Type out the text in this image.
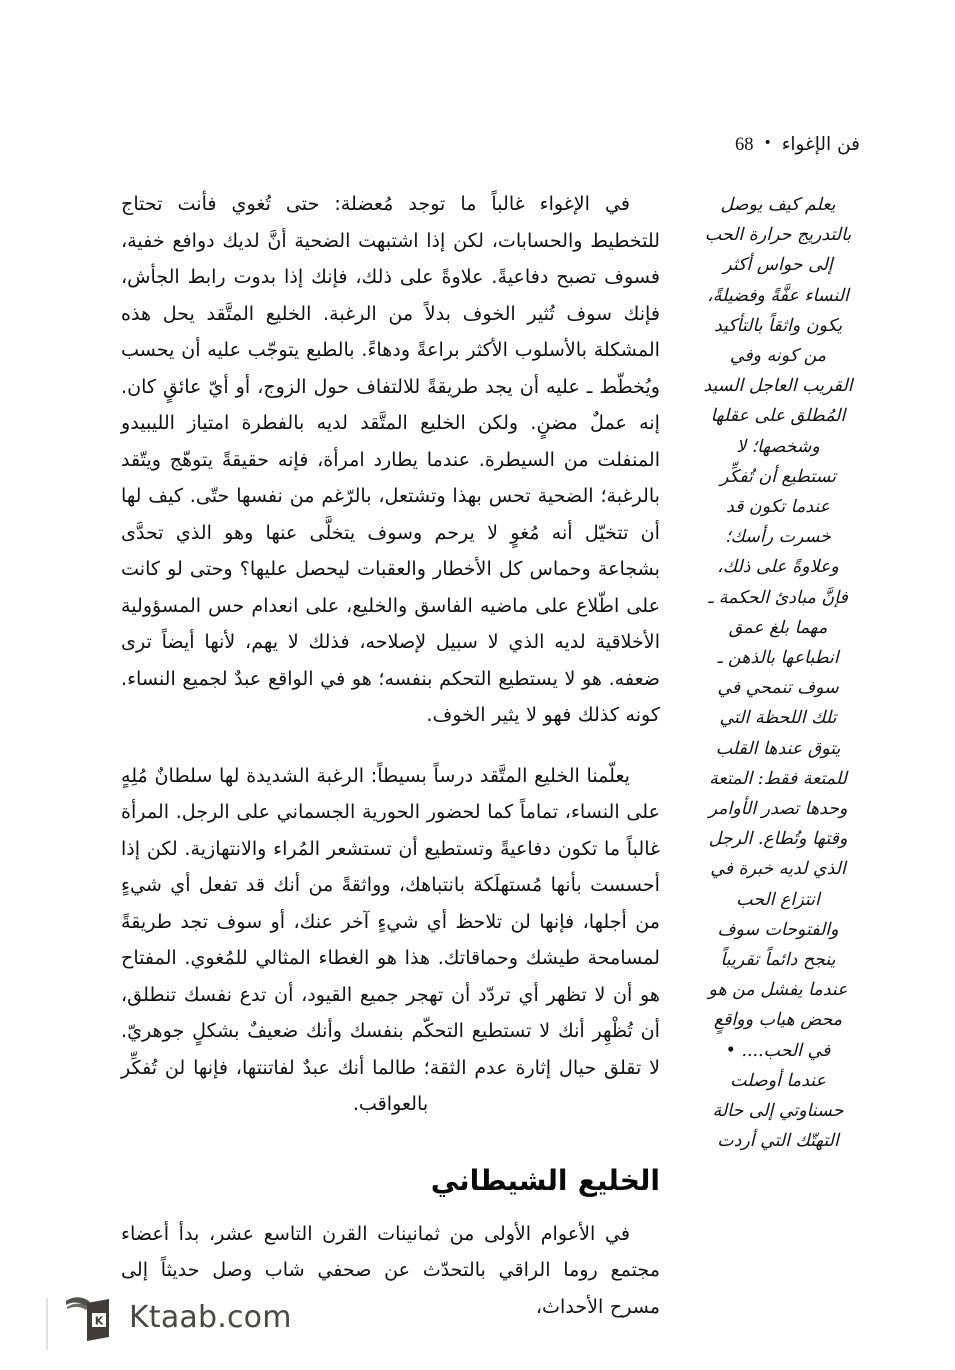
فن الإغواء
•
68

في الإغواء غالباً ما توجد مُعضلة: حتى تُغوي فأنت تحتاج للتخطيط والحسابات، لكن إذا اشتبهت الضحية أنَّ لديك دوافع خفية، فسوف تصبح دفاعيةً. علاوةً على ذلك، فإنك إذا بدوت رابط الجأش، فإنك سوف تُثير الخوف بدلاً من الرغبة. الخليع المتَّقد يحل هذه المشكلة بالأسلوب الأكثر براعةً ودهاءً. بالطبع يتوجّب عليه أن يحسب ويُخطّط ـ عليه أن يجد طريقةً للالتفاف حول الزوج، أو أيّ عائقٍ كان. إنه عملٌ مضنٍ. ولكن الخليع المتَّقد لديه بالفطرة امتياز الليبيدو المنفلت من السيطرة. عندما يطارد امرأة، فإنه حقيقةً يتوهّج ويتّقد بالرغبة؛ الضحية تحس بهذا وتشتعل، بالرّغم من نفسها حتّى. كيف لها أن تتخيّل أنه مُغوٍ لا يرحم وسوف يتخلَّى عنها وهو الذي تحدَّى بشجاعة وحماس كل الأخطار والعقبات ليحصل عليها؟ وحتى لو كانت على اطّلاع على ماضيه الفاسق والخليع، على انعدام حس المسؤولية الأخلاقية لديه الذي لا سبيل لإصلاحه، فذلك لا يهم، لأنها أيضاً ترى ضعفه. هو لا يستطيع التحكم بنفسه؛ هو في الواقع عبدٌ لجميع النساء. كونه كذلك فهو لا يثير الخوف.

يعلّمنا الخليع المتَّقد درساً بسيطاً: الرغبة الشديدة لها سلطانٌ مُلِهٍ على النساء، تماماً كما لحضور الحورية الجسماني على الرجل. المرأة غالباً ما تكون دفاعيةً وتستطيع أن تستشعر المُراء والانتهازية. لكن إذا أحسست بأنها مُستهلَكة بانتباهك، وواثقةً من أنك قد تفعل أي شيءٍ من أجلها، فإنها لن تلاحظ أي شيءٍ آخر عنك، أو سوف تجد طريقةً لمسامحة طيشك وحماقاتك. هذا هو الغطاء المثالي للمُغوي. المفتاح هو أن لا تظهر أي تردّد أن تهجر جميع القيود، أن تدع نفسك تنطلق، أن تُظْهِر أنك لا تستطيع التحكّم بنفسك وأنك ضعيفٌ بشكلٍ جوهريّ. لا تقلق حيال إثارة عدم الثقة؛ طالما أنك عبدٌ لفاتنتها، فإنها لن تُفكِّر بالعواقب.

الخليع الشيطاني

في الأعوام الأولى من ثمانينات القرن التاسع عشر، بدأ أعضاء مجتمع روما الراقي بالتحدّث عن صحفي شاب وصل حديثاً إلى مسرح الأحداث،

يعلم كيف يوصل
بالتدريج حرارة الحب
إلى حواس أكثر
النساء عفَّةً وفضيلةً،
يكون واثقاً بالتأكيد
من كونه وفي
القريب العاجل السيد
المُطلق على عقلها
وشخصها؛ لا
تستطيع أن تُفكِّر
عندما تكون قد
خسرت رأسك؛
وعلاوةً على ذلك،
فإنَّ مبادئ الحكمة ـ
مهما بلغ عمق
انطباعها بالذهن ـ
سوف تنمحي في
تلك اللحظة التي
يتوق عندها القلب
للمتعة فقط: المتعة
وحدها تصدر الأوامر
وقتها وتُطاع. الرجل
الذي لديه خبرة في
انتزاع الحب
والفتوحات سوف
ينجح دائماً تقريباً
عندما يفشل من هو
محض هياب وواقعٍ
في الحب.... •
عندما أوصلت
حسناوتي إلى حالة
التهتّك التي أردت
K Ktaab.com
